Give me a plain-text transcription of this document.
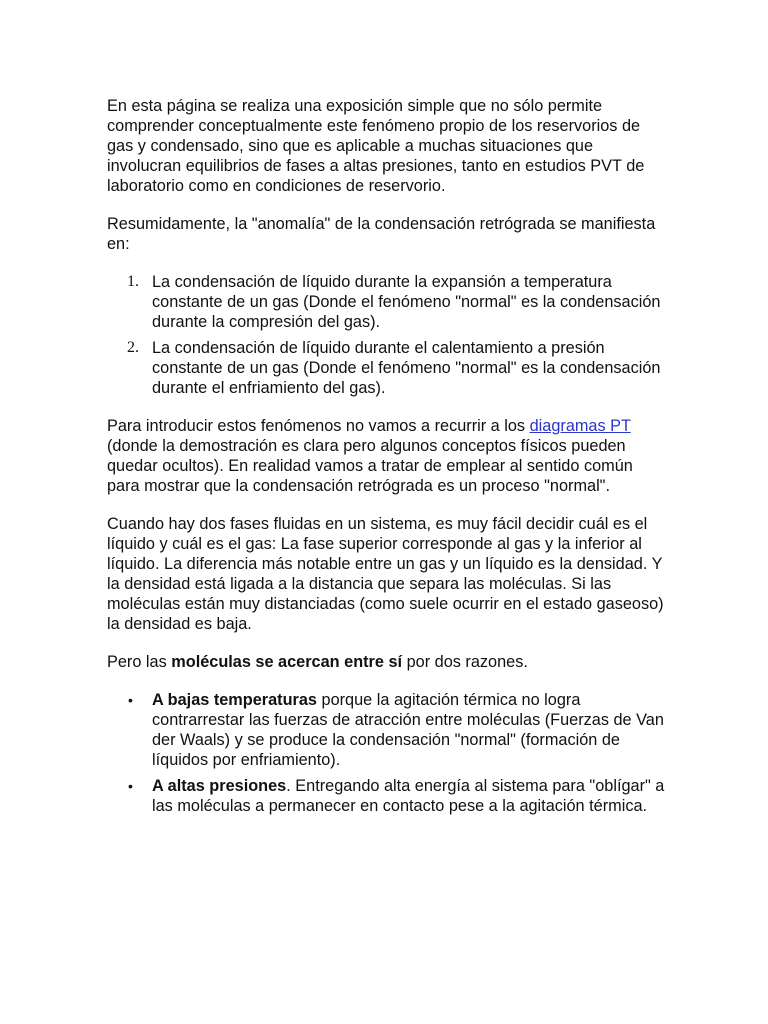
En esta página se realiza una exposición simple que no sólo permite comprender conceptualmente este fenómeno propio de los reservorios de gas y condensado, sino que es aplicable a muchas situaciones que involucran equilibrios de fases a altas presiones, tanto en estudios PVT de laboratorio como en condiciones de reservorio.

Resumidamente, la "anomalía" de la condensación retrógrada se manifiesta en:

1. La condensación de líquido durante la expansión a temperatura constante de un gas (Donde el fenómeno "normal" es la condensación durante la compresión del gas).
2. La condensación de líquido durante el calentamiento a presión constante de un gas (Donde el fenómeno "normal" es la condensación durante el enfriamiento del gas).

Para introducir estos fenómenos no vamos a recurrir a los diagramas PT (donde la demostración es clara pero algunos conceptos físicos pueden quedar ocultos). En realidad vamos a tratar de emplear al sentido común para mostrar que la condensación retrógrada es un proceso "normal".

Cuando hay dos fases fluidas en un sistema, es muy fácil decidir cuál es el líquido y cuál es el gas: La fase superior corresponde al gas y la inferior al líquido. La diferencia más notable entre un gas y un líquido es la densidad. Y la densidad está ligada a la distancia que separa las moléculas. Si las moléculas están muy distanciadas (como suele ocurrir en el estado gaseoso) la densidad es baja.

Pero las moléculas se acercan entre sí por dos razones.

• A bajas temperaturas porque la agitación térmica no logra contrarrestar las fuerzas de atracción entre moléculas (Fuerzas de Van der Waals) y se produce la condensación "normal" (formación de líquidos por enfriamiento).
• A altas presiones. Entregando alta energía al sistema para "oblígar" a las moléculas a permanecer en contacto pese a la agitación térmica.
